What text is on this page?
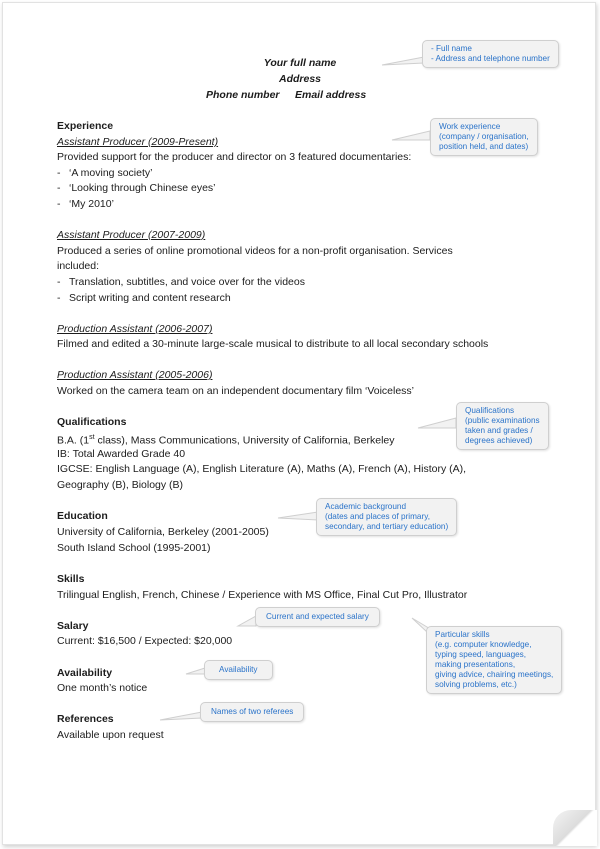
Your full name
Address
Phone number Email address
Experience
Assistant Producer (2009-Present)
Provided support for the producer and director on 3 featured documentaries:
- ‘A moving society’
- ‘Looking through Chinese eyes’
- ‘My 2010’
Assistant Producer (2007-2009)
Produced a series of online promotional videos for a non-profit organisation. Services
included:
- Translation, subtitles, and voice over for the videos
- Script writing and content research
Production Assistant (2006-2007)
Filmed and edited a 30-minute large-scale musical to distribute to all local secondary schools
Production Assistant (2005-2006)
Worked on the camera team on an independent documentary film ‘Voiceless’
Qualifications
B.A. (1st class), Mass Communications, University of California, Berkeley
IB: Total Awarded Grade 40
IGCSE: English Language (A), English Literature (A), Maths (A), French (A), History (A),
Geography (B), Biology (B)
Education
University of California, Berkeley (2001-2005)
South Island School (1995-2001)
Skills
Trilingual English, French, Chinese / Experience with MS Office, Final Cut Pro, Illustrator
Salary
Current: $16,500 / Expected: $20,000
Availability
One month’s notice
References
Available upon request
- Full name
- Address and telephone number
Work experience
(company / organisation,
position held, and dates)
Qualifications
(public examinations
taken and grades /
degrees achieved)
Academic background
(dates and places of primary,
secondary, and tertiary education)
Current and expected salary
Particular skills
(e.g. computer knowledge,
typing speed, languages,
making presentations,
giving advice, chairing meetings,
solving problems, etc.)
Availability
Names of two referees
